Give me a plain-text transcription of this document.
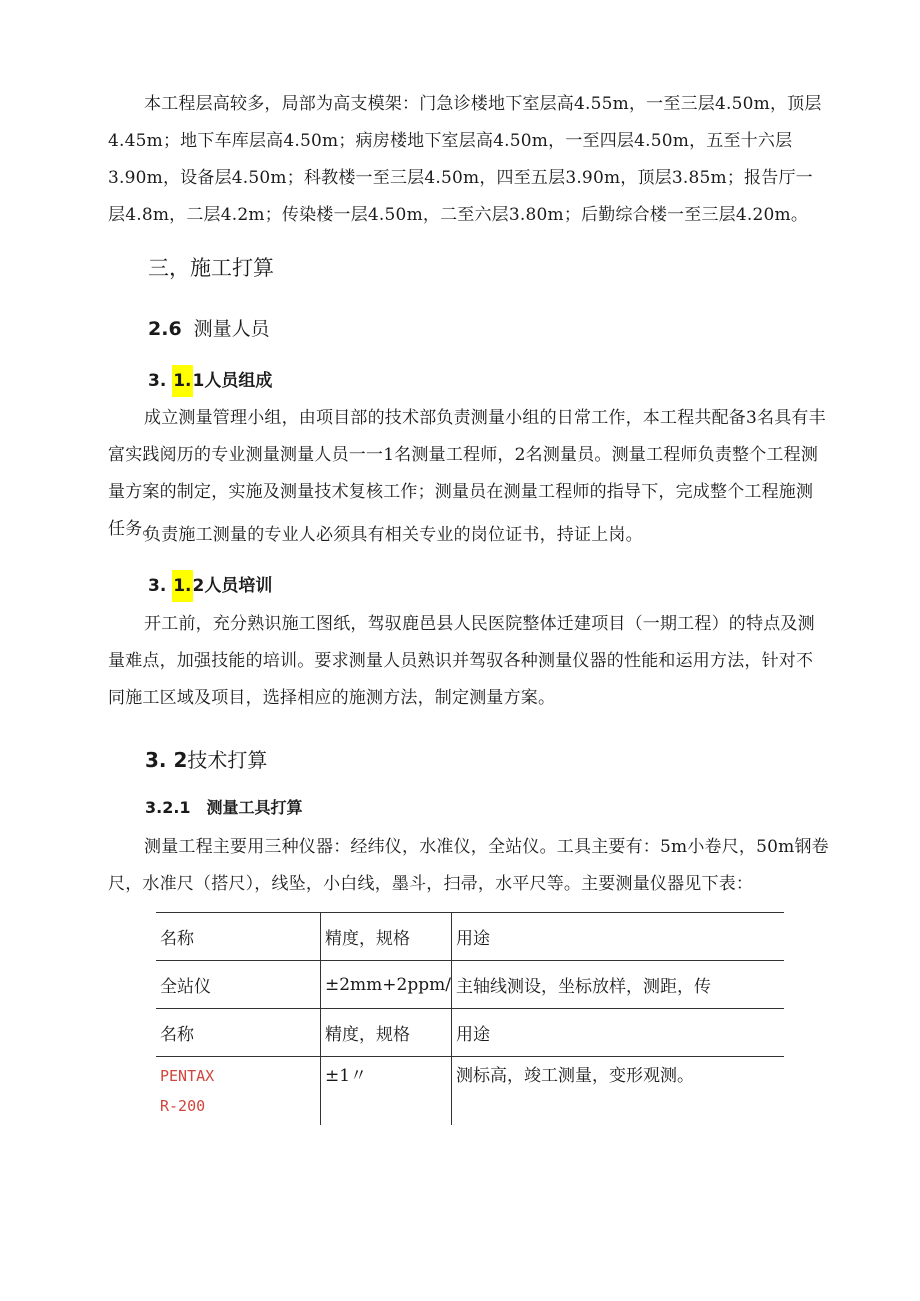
本工程层高较多，局部为高支模架：门急诊楼地下室层高4.55m，一至三层4.50m，顶层4.45m；地下车库层高4.50m；病房楼地下室层高4.50m，一至四层4.50m，五至十六层3.90m，设备层4.50m；科教楼一至三层4.50m，四至五层3.90m，顶层3.85m；报告厅一层4.8m，二层4.2m；传染楼一层4.50m，二至六层3.80m；后勤综合楼一至三层4.20m。

三，施工打算

2.6 测量人员

3. 1.1人员组成

成立测量管理小组，由项目部的技术部负责测量小组的日常工作，本工程共配备3名具有丰富实践阅历的专业测量测量人员一一1名测量工程师，2名测量员。测量工程师负责整个工程测量方案的制定，实施及测量技术复核工作；测量员在测量工程师的指导下，完成整个工程施测任务。

负责施工测量的专业人必须具有相关专业的岗位证书，持证上岗。

3. 1.2人员培训

开工前，充分熟识施工图纸，驾驭鹿邑县人民医院整体迁建项目（一期工程）的特点及测量难点，加强技能的培训。要求测量人员熟识并驾驭各种测量仪器的性能和运用方法，针对不同施工区域及项目，选择相应的施测方法，制定测量方案。

3. 2技术打算

3.2.1　测量工具打算

测量工程主要用三种仪器：经纬仪，水准仪，全站仪。工具主要有：5m小卷尺，50m钢卷尺，水准尺（搭尺），线坠，小白线，墨斗，扫帚，水平尺等。主要测量仪器见下表：

名称	精度，规格	用途
全站仪	±2mm+2ppm/	主轴线测设，坐标放样，测距，传
名称	精度，规格	用途
PENTAX
R-200	±1〃	测标高，竣工测量，变形观测。
